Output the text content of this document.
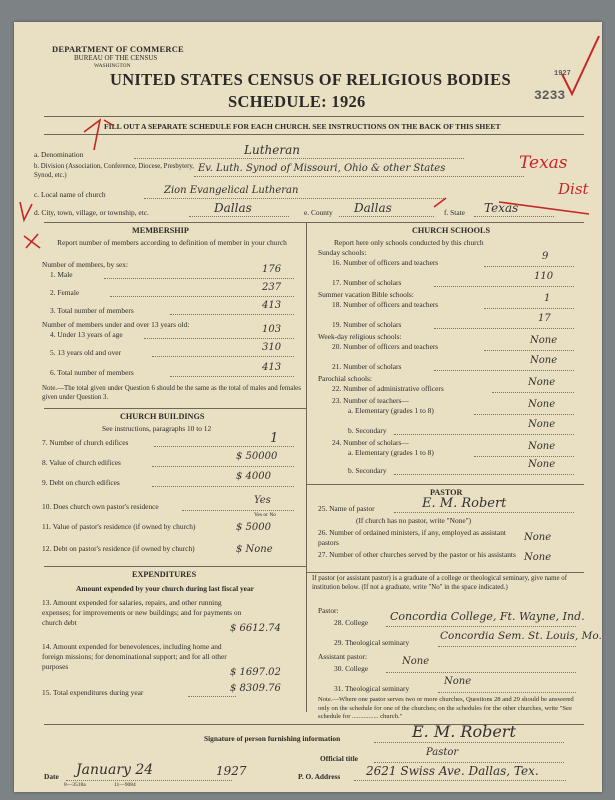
DEPARTMENT OF COMMERCE
BUREAU OF THE CENSUS
WASHINGTON
UNITED STATES CENSUS OF RELIGIOUS BODIES
SCHEDULE: 1926	3233
1927
FILL OUT A SEPARATE SCHEDULE FOR EACH CHURCH. SEE INSTRUCTIONS ON THE BACK OF THIS SHEET
a. Denomination	Lutheran
b. Division (Association, Conference, Diocese, Presbytery, Synod, etc.)
Ev. Luth. Synod of Missouri, Ohio & other States	Texas
c. Local name of church	Zion Evangelical Lutheran	Dist
d. City, town, village, or township, etc.	Dallas	e. County Dallas	f. State Texas
MEMBERSHIP
Report number of members according to definition of member in your church
Number of members, by sex:
1. Male	176
2. Female	237
3. Total number of members	413
Number of members under and over 13 years old:
4. Under 13 years of age	103
5. 13 years old and over	310
6. Total number of members	413
Note.—The total given under Question 6 should be the same as the total of males and females given under Question 3.
CHURCH BUILDINGS
See instructions, paragraphs 10 to 12
7. Number of church edifices	1
8. Value of church edifices
$ 50000
9. Debt on church edifices
$ 4000
10. Does church own pastor's residence
Yes
Yes or No
11. Value of pastor's residence (if owned by church)	$ 5000
12. Debt on pastor's residence (if owned by church)	$ None
EXPENDITURES
Amount expended by your church during last fiscal year
13. Amount expended for salaries, repairs, and other running expenses; for improvements or new buildings; and for payments on church debt
$ 6612.74
14. Amount expended for benevolences, including home and foreign missions; for denominational support; and for all other purposes
$ 1697.02
15. Total expenditures during year	$ 8309.76
CHURCH SCHOOLS
Report here only schools conducted by this church
Sunday schools:
16. Number of officers and teachers
9
17. Number of scholars
110
Summer vacation Bible schools:
18. Number of officers and teachers
1
19. Number of scholars
17
Week-day religious schools:
20. Number of officers and teachers
None
21. Number of scholars
None
Parochial schools:
22. Number of administrative officers
None
23. Number of teachers—
a. Elementary (grades 1 to 8)
None
b. Secondary
None
24. Number of scholars—
a. Elementary (grades 1 to 8)
None
b. Secondary
None
PASTOR
25. Name of pastor	E. M. Robert
(If church has no pastor, write "None")
26. Number of ordained ministers, if any, employed as assistant pastors	None
27. Number of other churches served by the pastor or his assistants None
If pastor (or assistant pastor) is a graduate of a college or theological seminary, give name of institution below. (If not a graduate, write "No" in the space indicated.)
Pastor:
28. College Concordia College, Ft. Wayne, Ind.
29. Theological seminary
Concordia Sem. St. Louis, Mo.
Assistant pastor:
30. College
None
31. Theological seminary
None
Note.—Where one pastor serves two or more churches, Questions 28 and 29 should be answered only on the schedule for one of the churches; on the schedules for the other churches, write "See schedule for ................ church."
Signature of person furnishing information	E. M. Robert
Official title
Pastor
Date January 24	1927	P. O. Address 2621 Swiss Ave. Dallas, Tex.
8—3518a	11—9084
